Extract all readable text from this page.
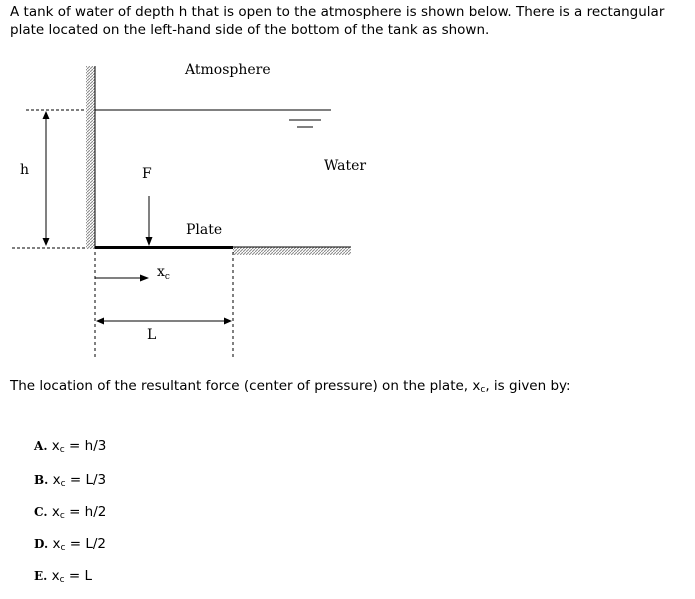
A tank of water of depth h that is open to the atmosphere is shown below. There is a rectangular plate located on the left-hand side of the bottom of the tank as shown.

Atmosphere
Water
h	F
Plate
$x_c$
L

The location of the resultant force (center of pressure) on the plate, $x_c$, is given by:

A. $x_c = h/3$
B. $x_c = L/3$
C. $x_c = h/2$
D. $x_c = L/2$
E. $x_c = L$
